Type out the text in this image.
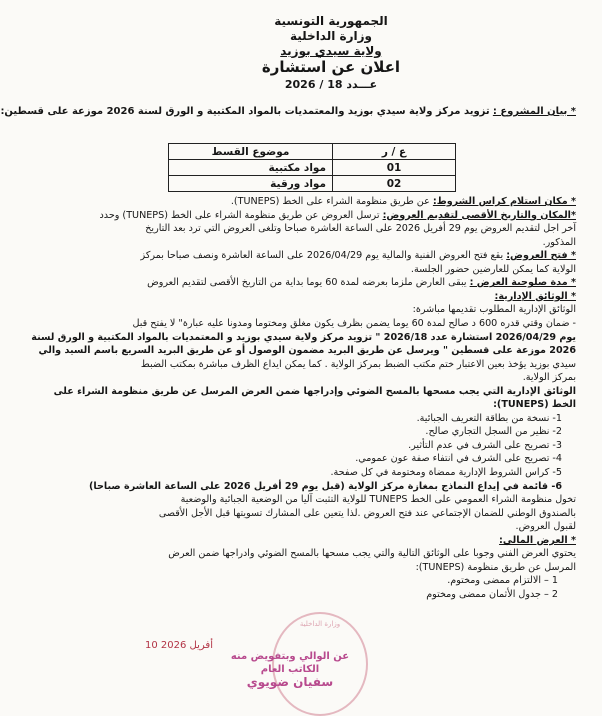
الجمهورية التونسية
وزارة الداخلية
ولاية سيدي بوزيد
اعلان عن استشارة
عـــدد 18 / 2026
* بيان المشروع : تزويد مركز ولاية سيدي بوزيد والمعتمديات بالمواد المكتبية و الورق لسنة 2026 موزعة على قسطين:
ع / ر	موضوع القسط
01	مواد مكتبية
02	مواد ورقية
* مكان استلام كراس الشروط: عن طريق منظومة الشراء على الخط (TUNEPS).
*المكان والتاريخ الأقصى لتقديم العروض: ترسل العروض عن طريق منظومة الشراء على الخط (TUNEPS) وحدد
آخر اجل لتقديم العروض يوم 29 أفريل 2026 على الساعة العاشرة صباحا وتلغى العروض التي ترد بعد التاريخ
المذكور.
* فتح العروض: يقع فتح العروض الفنية والمالية يوم 2026/04/29 على الساعة العاشرة ونصف صباحا بمركز
الولاية كما يمكن للعارضين حضور الجلسة.
* مدة صلوحية العرض : يبقى العارض ملزما بعرضه لمدة 60 يوما بداية من التاريخ الأقصى لتقديم العروض
* الوثائق الإدارية:
الوثائق الإدارية المطلوب تقديمها مباشرة:
- ضمان وقتي قدره 600 د صالح لمدة 60 يوما يضمن بظرف يكون مغلق ومختوما ومدونا عليه عبارة" لا يفتح قبل
يوم 2026/04/29 استشارة عدد 2026/18 " تزويد مركز ولاية سيدي بوزيد و المعتمديات بالمواد المكتبية و الورق لسنة
2026 موزعة على قسطين " ويرسل عن طريق البريد مضمون الوصول أو عن طريق البريد السريع باسم السيد والي
سيدي بوزيد يؤخذ بعين الاعتبار ختم مكتب الضبط بمركز الولاية . كما يمكن ايداع الظرف مباشرة بمكتب الضبط
بمركز الولاية.
الوثائق الإدارية التي يجب مسحها بالمسح الضوئي وإدراجها ضمن العرض المرسل عن طريق منظومة الشراء على
الخط (TUNEPS):
1- نسخة من بطاقة التعريف الجبائية.
2- نظير من السجل التجاري صالح.
3- تصريح على الشرف في عدم التأثير.
4- تصريح على الشرف في انتفاء صفة عون عمومي.
5- كراس الشروط الإدارية ممضاة ومختومة في كل صفحة.
6- قائمة في إيداع النماذج بمغازة مركز الولاية (قبل يوم 29 أفريل 2026 على الساعة العاشرة صباحا)
تخول منظومة الشراء العمومي على الخط TUNEPS للولاية التثبت آليا من الوضعية الجبائية والوضعية
بالصندوق الوطني للضمان الإجتماعي عند فتح العروض .لذا يتعين على المشارك تسويتها قبل الأجل الأقصى
لقبول العروض.
* العرض المالي:
يحتوي العرض الفني وجوبا على الوثائق التالية والتي يجب مسحها بالمسح الضوئي وادراجها ضمن العرض
المرسل عن طريق منظومة (TUNEPS):
1 – الالتزام ممضى ومختوم.
2 – جدول الأثمان ممضى ومختوم
10 أفريل 2026
وزارة الداخلية
عن الوالي وبتفويض منه
الكاتب العام
سفيان ضويوي
